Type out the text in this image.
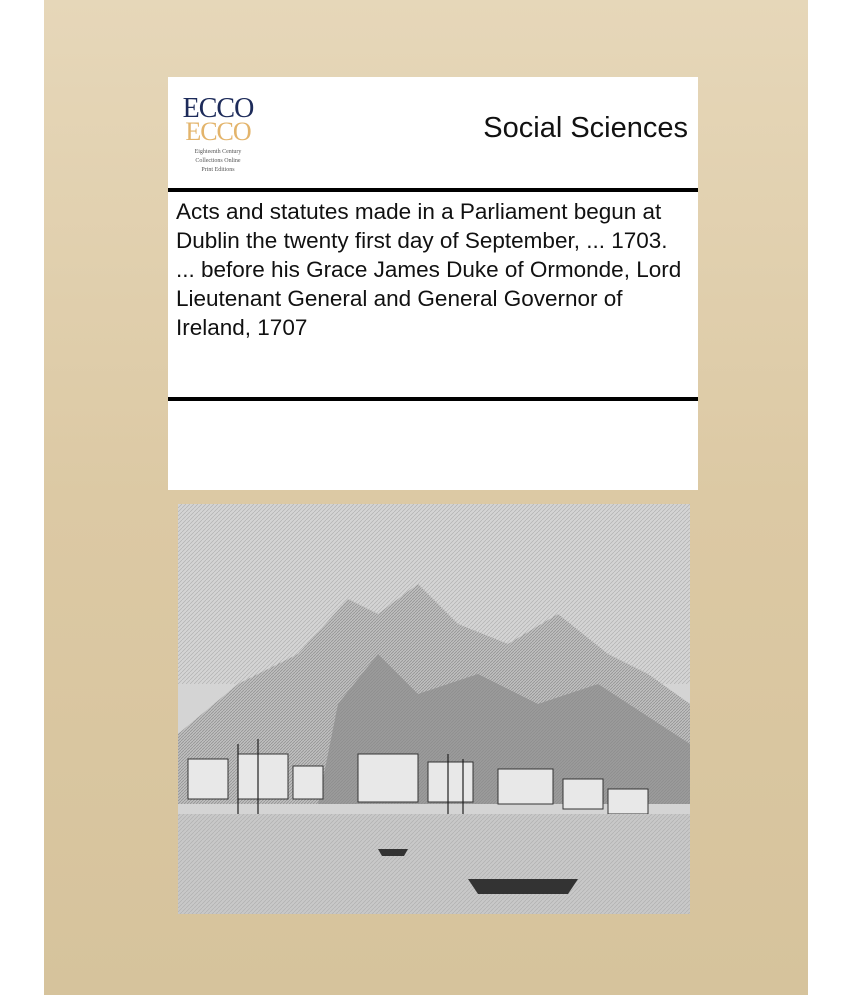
ECCO
ECCO
Eighteenth Century
Collections Online
Print Editions
Social Sciences
Acts and statutes made in a Parliament begun at Dublin the twenty first day of September, ... 1703. ... before his Grace James Duke of Ormonde, Lord Lieutenant General and General Governor of Ireland, 1707
